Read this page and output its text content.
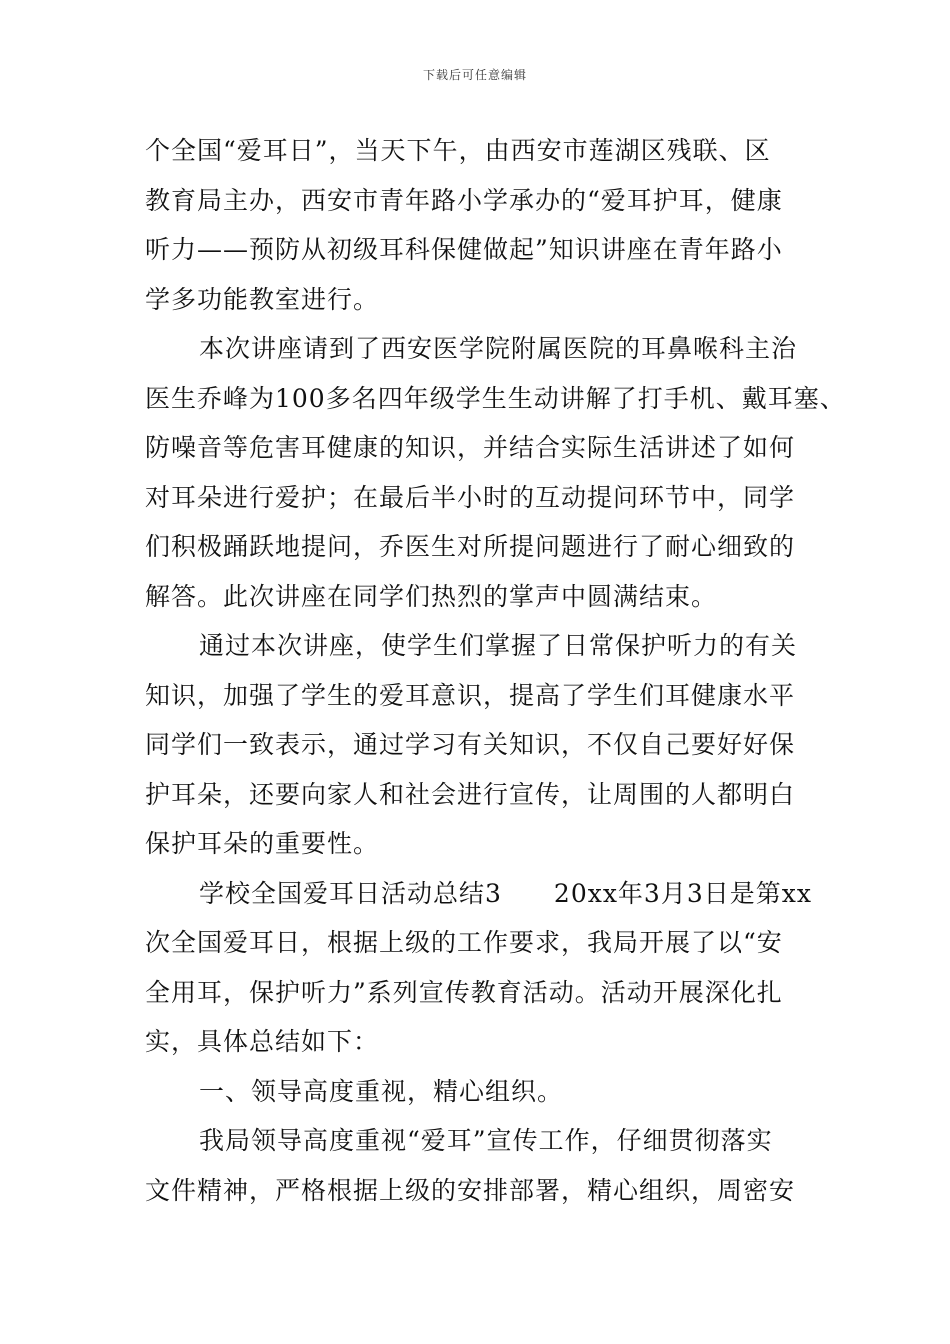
下载后可任意编辑
个全国“爱耳日”，当天下午，由西安市莲湖区残联、区
教育局主办，西安市青年路小学承办的“爱耳护耳，健康
听力——预防从初级耳科保健做起”知识讲座在青年路小
学多功能教室进行。
本次讲座请到了西安医学院附属医院的耳鼻喉科主治
医生乔峰为100多名四年级学生生动讲解了打手机、戴耳塞、
防噪音等危害耳健康的知识，并结合实际生活讲述了如何
对耳朵进行爱护；在最后半小时的互动提问环节中，同学
们积极踊跃地提问，乔医生对所提问题进行了耐心细致的
解答。此次讲座在同学们热烈的掌声中圆满结束。
通过本次讲座，使学生们掌握了日常保护听力的有关
知识，加强了学生的爱耳意识，提高了学生们耳健康水平
同学们一致表示，通过学习有关知识，不仅自己要好好保
护耳朵，还要向家人和社会进行宣传，让周围的人都明白
保护耳朵的重要性。
学校全国爱耳日活动总结3 20xx年3月3日是第xx
次全国爱耳日，根据上级的工作要求，我局开展了以“安
全用耳，保护听力”系列宣传教育活动。活动开展深化扎
实，具体总结如下：
一、领导高度重视，精心组织。
我局领导高度重视“爱耳”宣传工作，仔细贯彻落实
文件精神，严格根据上级的安排部署，精心组织，周密安
